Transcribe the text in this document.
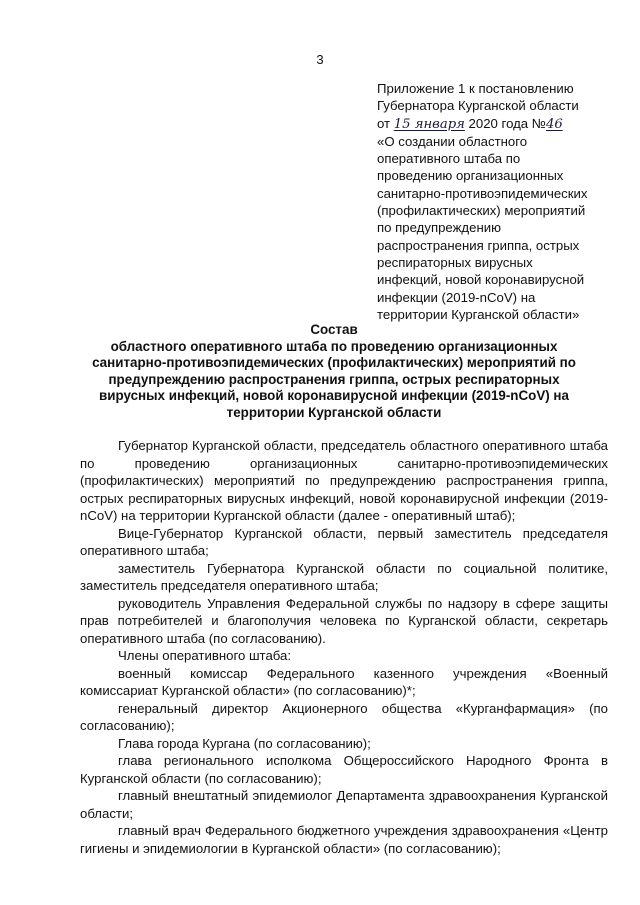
3
Приложение 1 к постановлению
Губернатора Курганской области
от 15 января 2020 года №46
«О создании областного
оперативного штаба по
проведению организационных
санитарно-противоэпидемических
(профилактических) мероприятий
по предупреждению
распространения гриппа, острых
респираторных вирусных
инфекций, новой коронавирусной
инфекции (2019-nCoV) на
территории Курганской области»
Состав
областного оперативного штаба по проведению организационных
санитарно-противоэпидемических (профилактических) мероприятий по
предупреждению распространения гриппа, острых респираторных
вирусных инфекций, новой коронавирусной инфекции (2019-nCoV) на
территории Курганской области

Губернатор Курганской области, председатель областного оперативного штаба по проведению организационных санитарно-противоэпидемических (профилактических) мероприятий по предупреждению распространения гриппа, острых респираторных вирусных инфекций, новой коронавирусной инфекции (2019-nCoV) на территории Курганской области (далее - оперативный штаб);

Вице-Губернатор Курганской области, первый заместитель председателя оперативного штаба;

заместитель Губернатора Курганской области по социальной политике, заместитель председателя оперативного штаба;

руководитель Управления Федеральной службы по надзору в сфере защиты прав потребителей и благополучия человека по Курганской области, секретарь оперативного штаба (по согласованию).

Члены оперативного штаба:

военный комиссар Федерального казенного учреждения «Военный комиссариат Курганской области» (по согласованию)*;

генеральный директор Акционерного общества «Курганфармация» (по согласованию);

Глава города Кургана (по согласованию);

глава регионального исполкома Общероссийского Народного Фронта в Курганской области (по согласованию);

главный внештатный эпидемиолог Департамента здравоохранения Курганской области;

главный врач Федерального бюджетного учреждения здравоохранения «Центр гигиены и эпидемиологии в Курганской области» (по согласованию);
